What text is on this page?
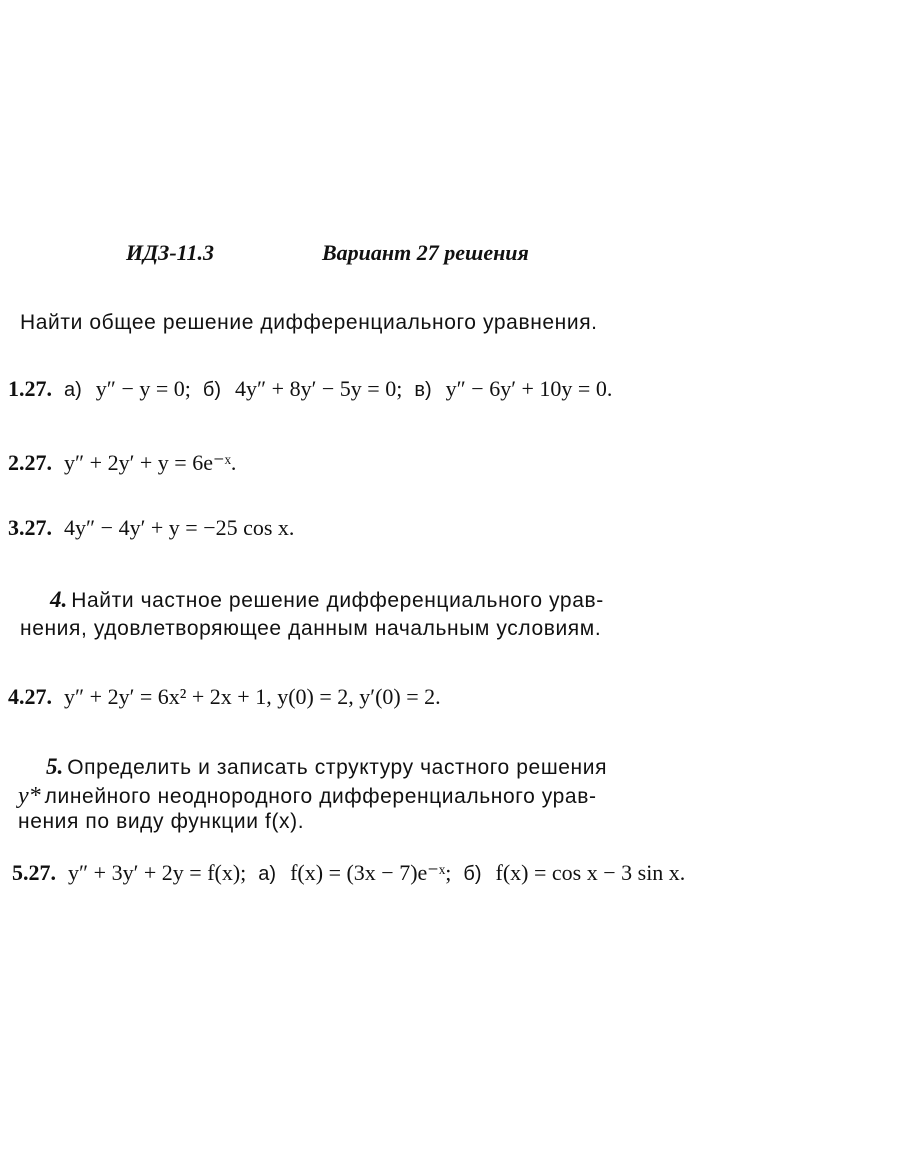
ИДЗ-11.3	Вариант 27 решения
Найти общее решение дифференциального уравнения.
1.27. а) y″ − y = 0; б) 4y″ + 8y′ − 5y = 0; в) y″ − 6y′ + 10y = 0.
2.27. y″ + 2y′ + y = 6e⁻ˣ.
3.27. 4y″ − 4y′ + y = −25 cos x.
4. Найти частное решение дифференциального урав-
нения, удовлетворяющее данным начальным условиям.
4.27. y″ + 2y′ = 6x² + 2x + 1, y(0) = 2, y′(0) = 2.
5. Определить и записать структуру частного решения
y* линейного неоднородного дифференциального урав-
нения по виду функции f(x).
5.27. y″ + 3y′ + 2y = f(x); а) f(x) = (3x − 7)e⁻ˣ; б) f(x) = cos x − 3 sin x.
